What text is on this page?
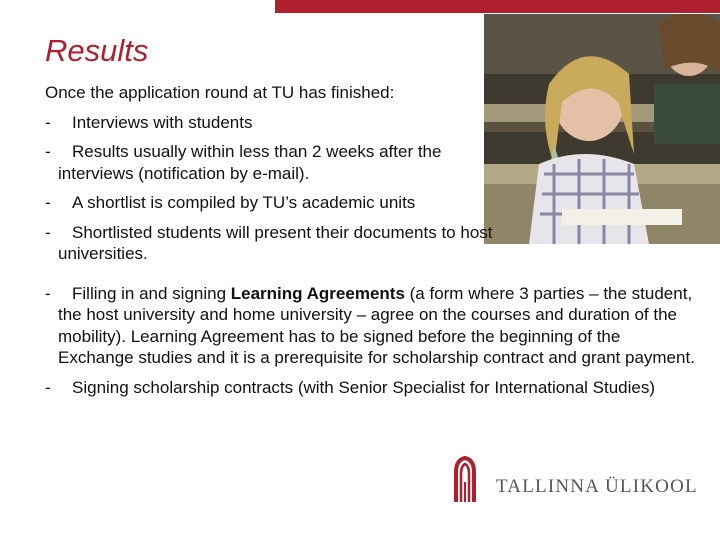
Results

Once the application round at TU has finished:

- Interviews with students

- Results usually within less than 2 weeks after the interviews (notification by e-mail).

- A shortlist is compiled by TU’s academic units

- Shortlisted students will present their documents to host universities.

- Filling in and signing Learning Agreements (a form where 3 parties – the student, the host university and home university – agree on the courses and duration of the mobility). Learning Agreement has to be signed before the beginning of the Exchange studies and it is a prerequisite for scholarship contract and grant payment.

- Signing scholarship contracts (with Senior Specialist for International Studies)

TALLINNA ÜLIKOOL
